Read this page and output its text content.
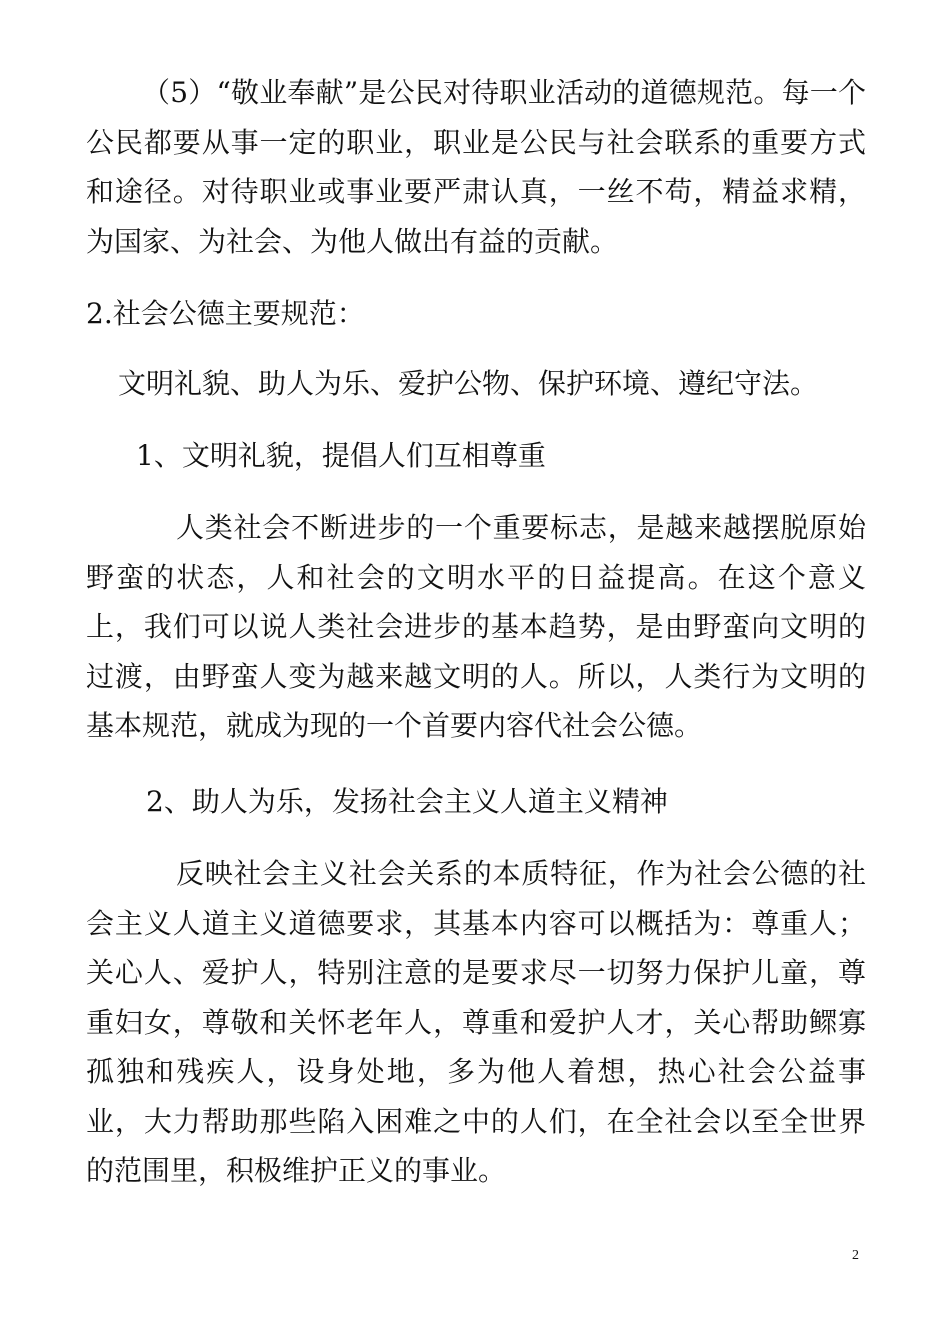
（5）“敬业奉献”是公民对待职业活动的道德规范。每一个公民都要从事一定的职业，职业是公民与社会联系的重要方式和途径。对待职业或事业要严肃认真，一丝不苟，精益求精，为国家、为社会、为他人做出有益的贡献。

2.社会公德主要规范：

文明礼貌、助人为乐、爱护公物、保护环境、遵纪守法。

1、文明礼貌，提倡人们互相尊重

人类社会不断进步的一个重要标志，是越来越摆脱原始野蛮的状态，人和社会的文明水平的日益提高。在这个意义上，我们可以说人类社会进步的基本趋势，是由野蛮向文明的过渡，由野蛮人变为越来越文明的人。所以，人类行为文明的基本规范，就成为现的一个首要内容代社会公德。

2、助人为乐，发扬社会主义人道主义精神

反映社会主义社会关系的本质特征，作为社会公德的社会主义人道主义道德要求，其基本内容可以概括为：尊重人；关心人、爱护人，特别注意的是要求尽一切努力保护儿童，尊重妇女，尊敬和关怀老年人，尊重和爱护人才，关心帮助鳏寡孤独和残疾人，设身处地，多为他人着想，热心社会公益事业，大力帮助那些陷入困难之中的人们，在全社会以至全世界的范围里，积极维护正义的事业。

2
